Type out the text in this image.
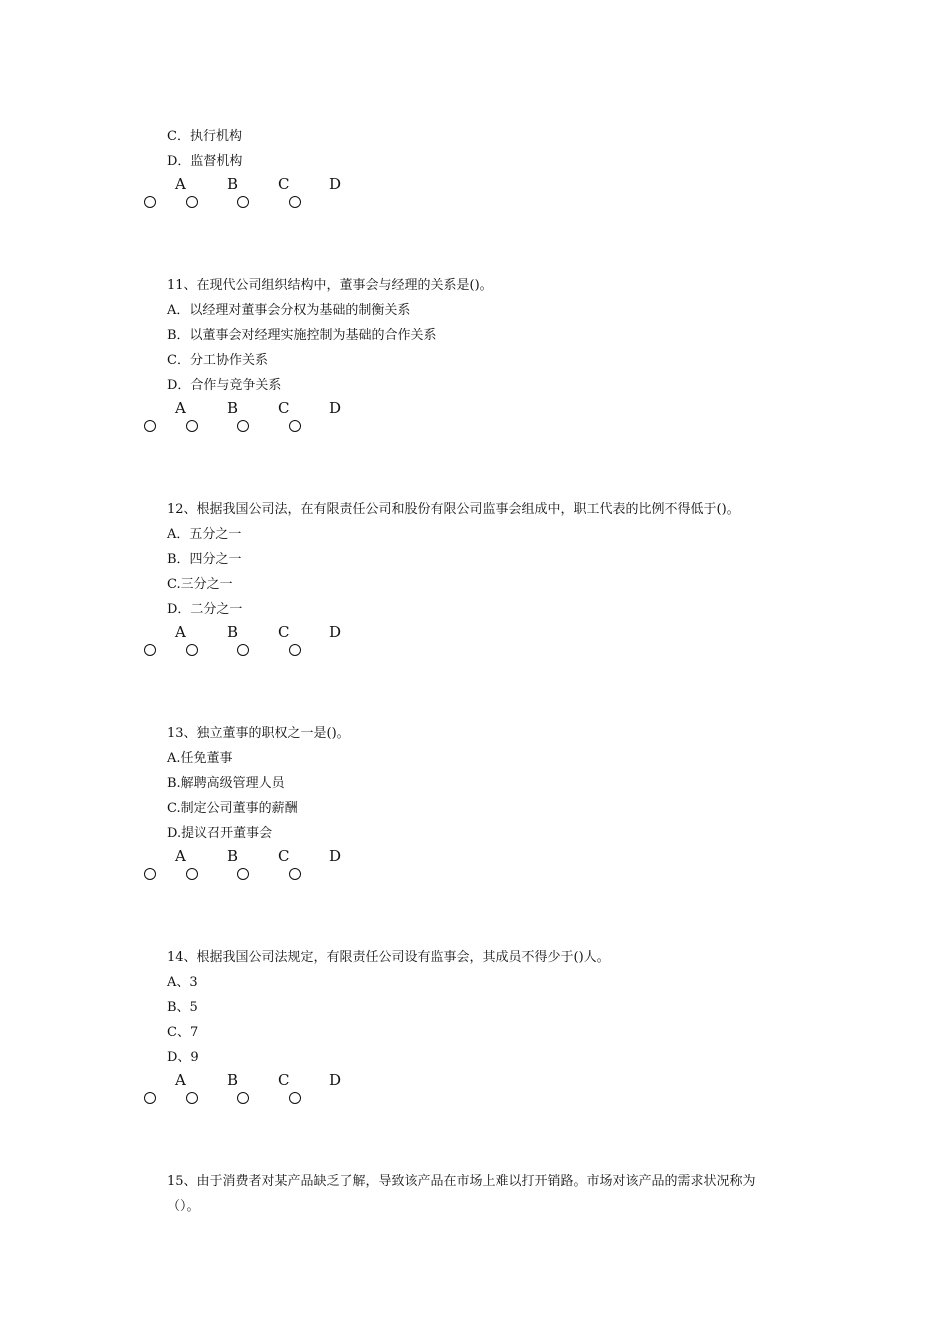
C．执行机构
D．监督机构
A	B	C	D
11、在现代公司组织结构中，董事会与经理的关系是()。
A．以经理对董事会分权为基础的制衡关系
B．以董事会对经理实施控制为基础的合作关系
C．分工协作关系
D．合作与竞争关系
A	B	C	D
12、根据我国公司法，在有限责任公司和股份有限公司监事会组成中，职工代表的比例不得低于()。
A．五分之一
B．四分之一
C.三分之一
D．二分之一
A	B	C	D
13、独立董事的职权之一是()。
A.任免董事
B.解聘高级管理人员
C.制定公司董事的薪酬
D.提议召开董事会
A	B	C	D
14、根据我国公司法规定，有限责任公司设有监事会，其成员不得少于()人。
A、3
B、5
C、7
D、9
A	B	C	D
15、由于消费者对某产品缺乏了解，导致该产品在市场上难以打开销路。市场对该产品的需求状况称为
（）。
